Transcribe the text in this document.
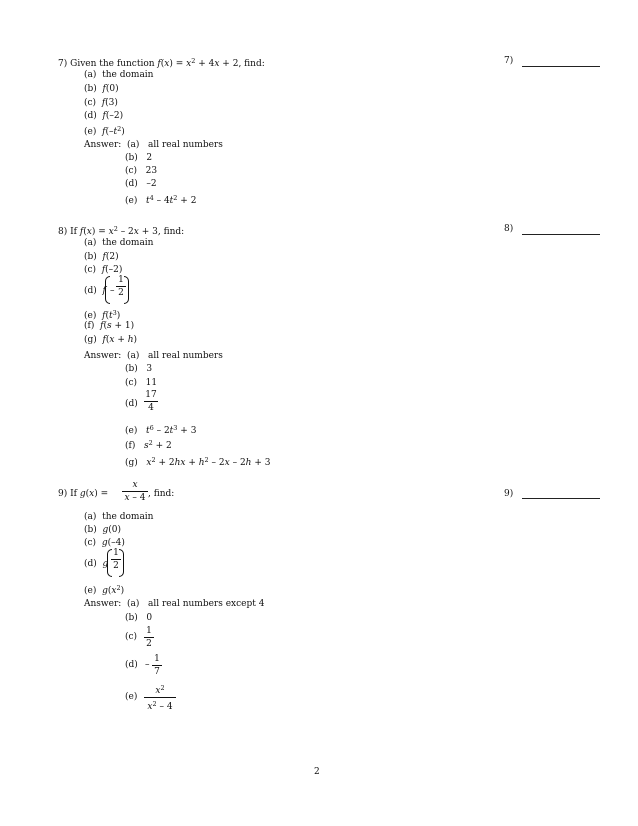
7) Given the function $f(x) = x^2 + 4x + 2$, find:	7)
(a) the domain
(b) f(0)
(c) f(3)
(d) f(–2)
(e) $f(-t^2)$
Answer: (a) all real numbers
(b) 2
(c) 23
(d) –2
(e) $t^4 - 4t^2 + 2$
8) If $f(x) = x^2 - 2x + 3$, find:	8)
(a) the domain
(b) f(2)
(c) f(–2)
(d) f –
1
2
(e) $f(t^3)$
(f) f(s + 1)
(g) f(x + h)
Answer: (a) all real numbers
(b) 3
(c) 11
(d)
17
4
(e) $t^6 - 2t^3 + 3$
(f) $s^2 + 2$
(g) $x^2 + 2hx + h^2 - 2x - 2h + 3$
9) If g(x) =
x
x – 4 , find:	9)
(a) the domain
(b) g(0)
(c) g(–4)
(d) g
1
2
(e) $g(x^2)$
Answer: (a) all real numbers except 4
(b) 0
(c)
1
2
(d) –
1
7
(e)
$x^2$
$x^2 - 4$
2
